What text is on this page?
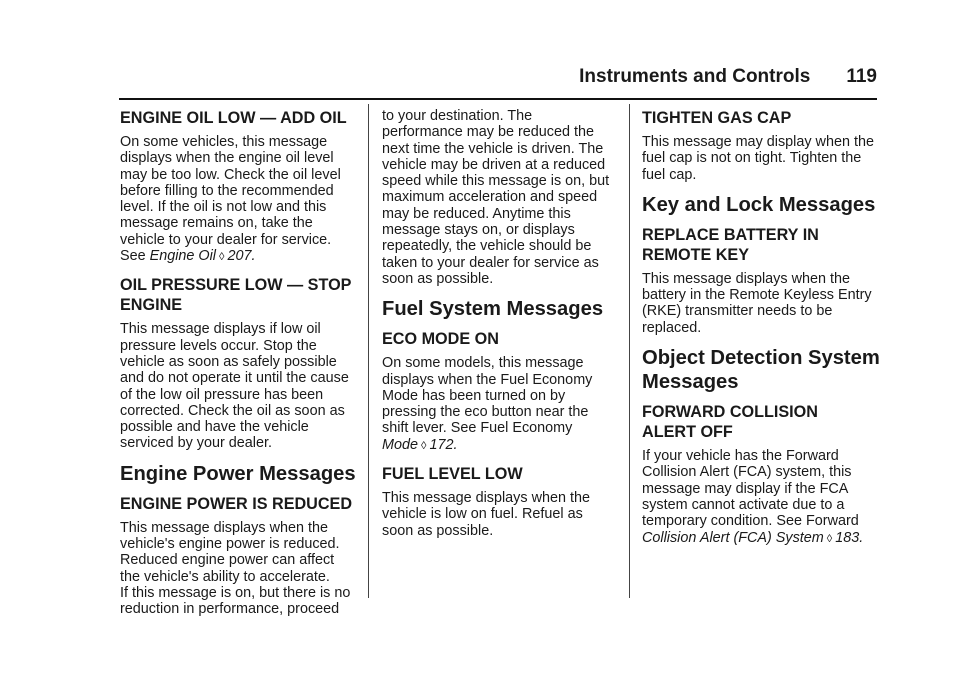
Instruments and Controls 119
ENGINE OIL LOW — ADD OIL

On some vehicles, this message
displays when the engine oil level
may be too low. Check the oil level
before filling to the recommended
level. If the oil is not low and this
message remains on, take the
vehicle to your dealer for service.
See Engine Oil ◊ 207.

OIL PRESSURE LOW — STOP
ENGINE

This message displays if low oil
pressure levels occur. Stop the
vehicle as soon as safely possible
and do not operate it until the cause
of the low oil pressure has been
corrected. Check the oil as soon as
possible and have the vehicle
serviced by your dealer.

Engine Power Messages
ENGINE POWER IS REDUCED

This message displays when the
vehicle's engine power is reduced.
Reduced engine power can affect
the vehicle's ability to accelerate.
If this message is on, but there is no
reduction in performance, proceed

to your destination. The
performance may be reduced the
next time the vehicle is driven. The
vehicle may be driven at a reduced
speed while this message is on, but
maximum acceleration and speed
may be reduced. Anytime this
message stays on, or displays
repeatedly, the vehicle should be
taken to your dealer for service as
soon as possible.

Fuel System Messages
ECO MODE ON

On some models, this message
displays when the Fuel Economy
Mode has been turned on by
pressing the eco button near the
shift lever. See Fuel Economy
Mode ◊ 172.

FUEL LEVEL LOW

This message displays when the
vehicle is low on fuel. Refuel as
soon as possible.

TIGHTEN GAS CAP

This message may display when the
fuel cap is not on tight. Tighten the
fuel cap.

Key and Lock Messages
REPLACE BATTERY IN
REMOTE KEY

This message displays when the
battery in the Remote Keyless Entry
(RKE) transmitter needs to be
replaced.

Object Detection System
Messages
FORWARD COLLISION
ALERT OFF

If your vehicle has the Forward
Collision Alert (FCA) system, this
message may display if the FCA
system cannot activate due to a
temporary condition. See Forward
Collision Alert (FCA) System ◊ 183.
